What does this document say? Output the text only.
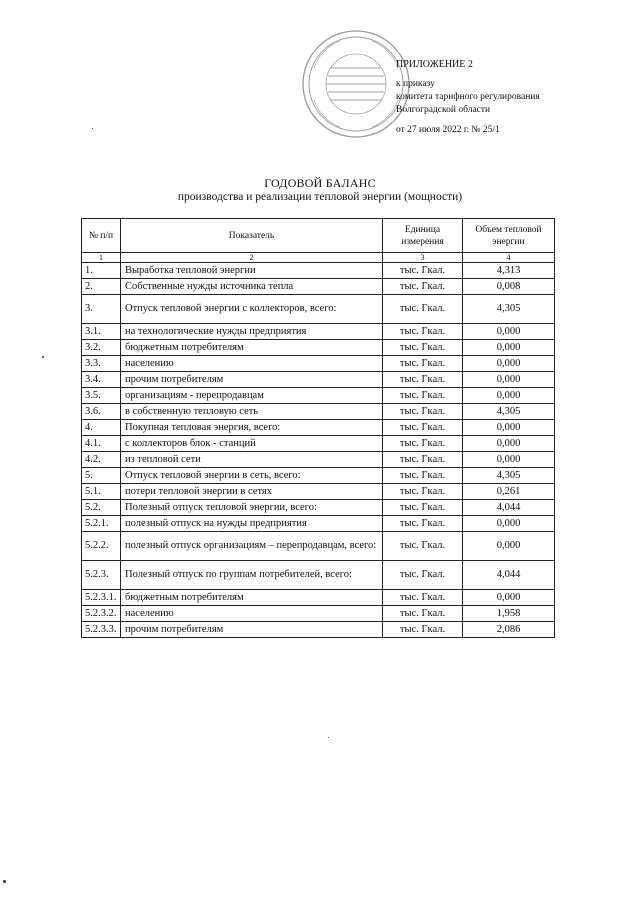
ПРИЛОЖЕНИЕ 2
к приказу
комитета тарифного регулирования
Волгоградской области
от 27 июля 2022 г. № 25/1
ГОДОВОЙ БАЛАНС
производства и реализации тепловой энергии (мощности)
№ п/п	Показатель	Единица измерения	Объем тепловой энергии
1	2	3	4
1.	Выработка тепловой энергии	тыс. Гкал.	4,313
2.	Собственные нужды источника тепла	тыс. Гкал.	0,008
3.	Отпуск тепловой энергии с коллекторов, всего:	тыс. Гкал.	4,305
3.1.	на технологические нужды предприятия	тыс. Гкал.	0,000
3.2.	бюджетным потребителям	тыс. Гкал.	0,000
3.3.	населению	тыс. Гкал.	0,000
3.4.	прочим потребителям	тыс. Гкал.	0,000
3.5.	организациям - перепродавцам	тыс. Гкал.	0,000
3.6.	в собственную тепловую сеть	тыс. Гкал.	4,305
4.	Покупная тепловая энергия, всего:	тыс. Гкал.	0,000
4.1.	с коллекторов блок - станций	тыс. Гкал.	0,000
4.2.	из тепловой сети	тыс. Гкал.	0,000
5.	Отпуск тепловой энергии в сеть, всего:	тыс. Гкал.	4,305
5.1.	потери тепловой энергии в сетях	тыс. Гкал.	0,261
5.2.	Полезный отпуск тепловой энергии, всего:	тыс. Гкал.	4,044
5.2.1.	полезный отпуск на нужды предприятия	тыс. Гкал.	0,000
5.2.2.	полезный отпуск организациям – перепродавцам, всего:	тыс. Гкал.	0,000
5.2.3.	Полезный отпуск по группам потребителей, всего:	тыс. Гкал.	4,044
5.2.3.1.	бюджетным потребителям	тыс. Гкал.	0,000
5.2.3.2.	населению	тыс. Гкал.	1,958
5.2.3.3.	прочим потребителям	тыс. Гкал.	2,086
